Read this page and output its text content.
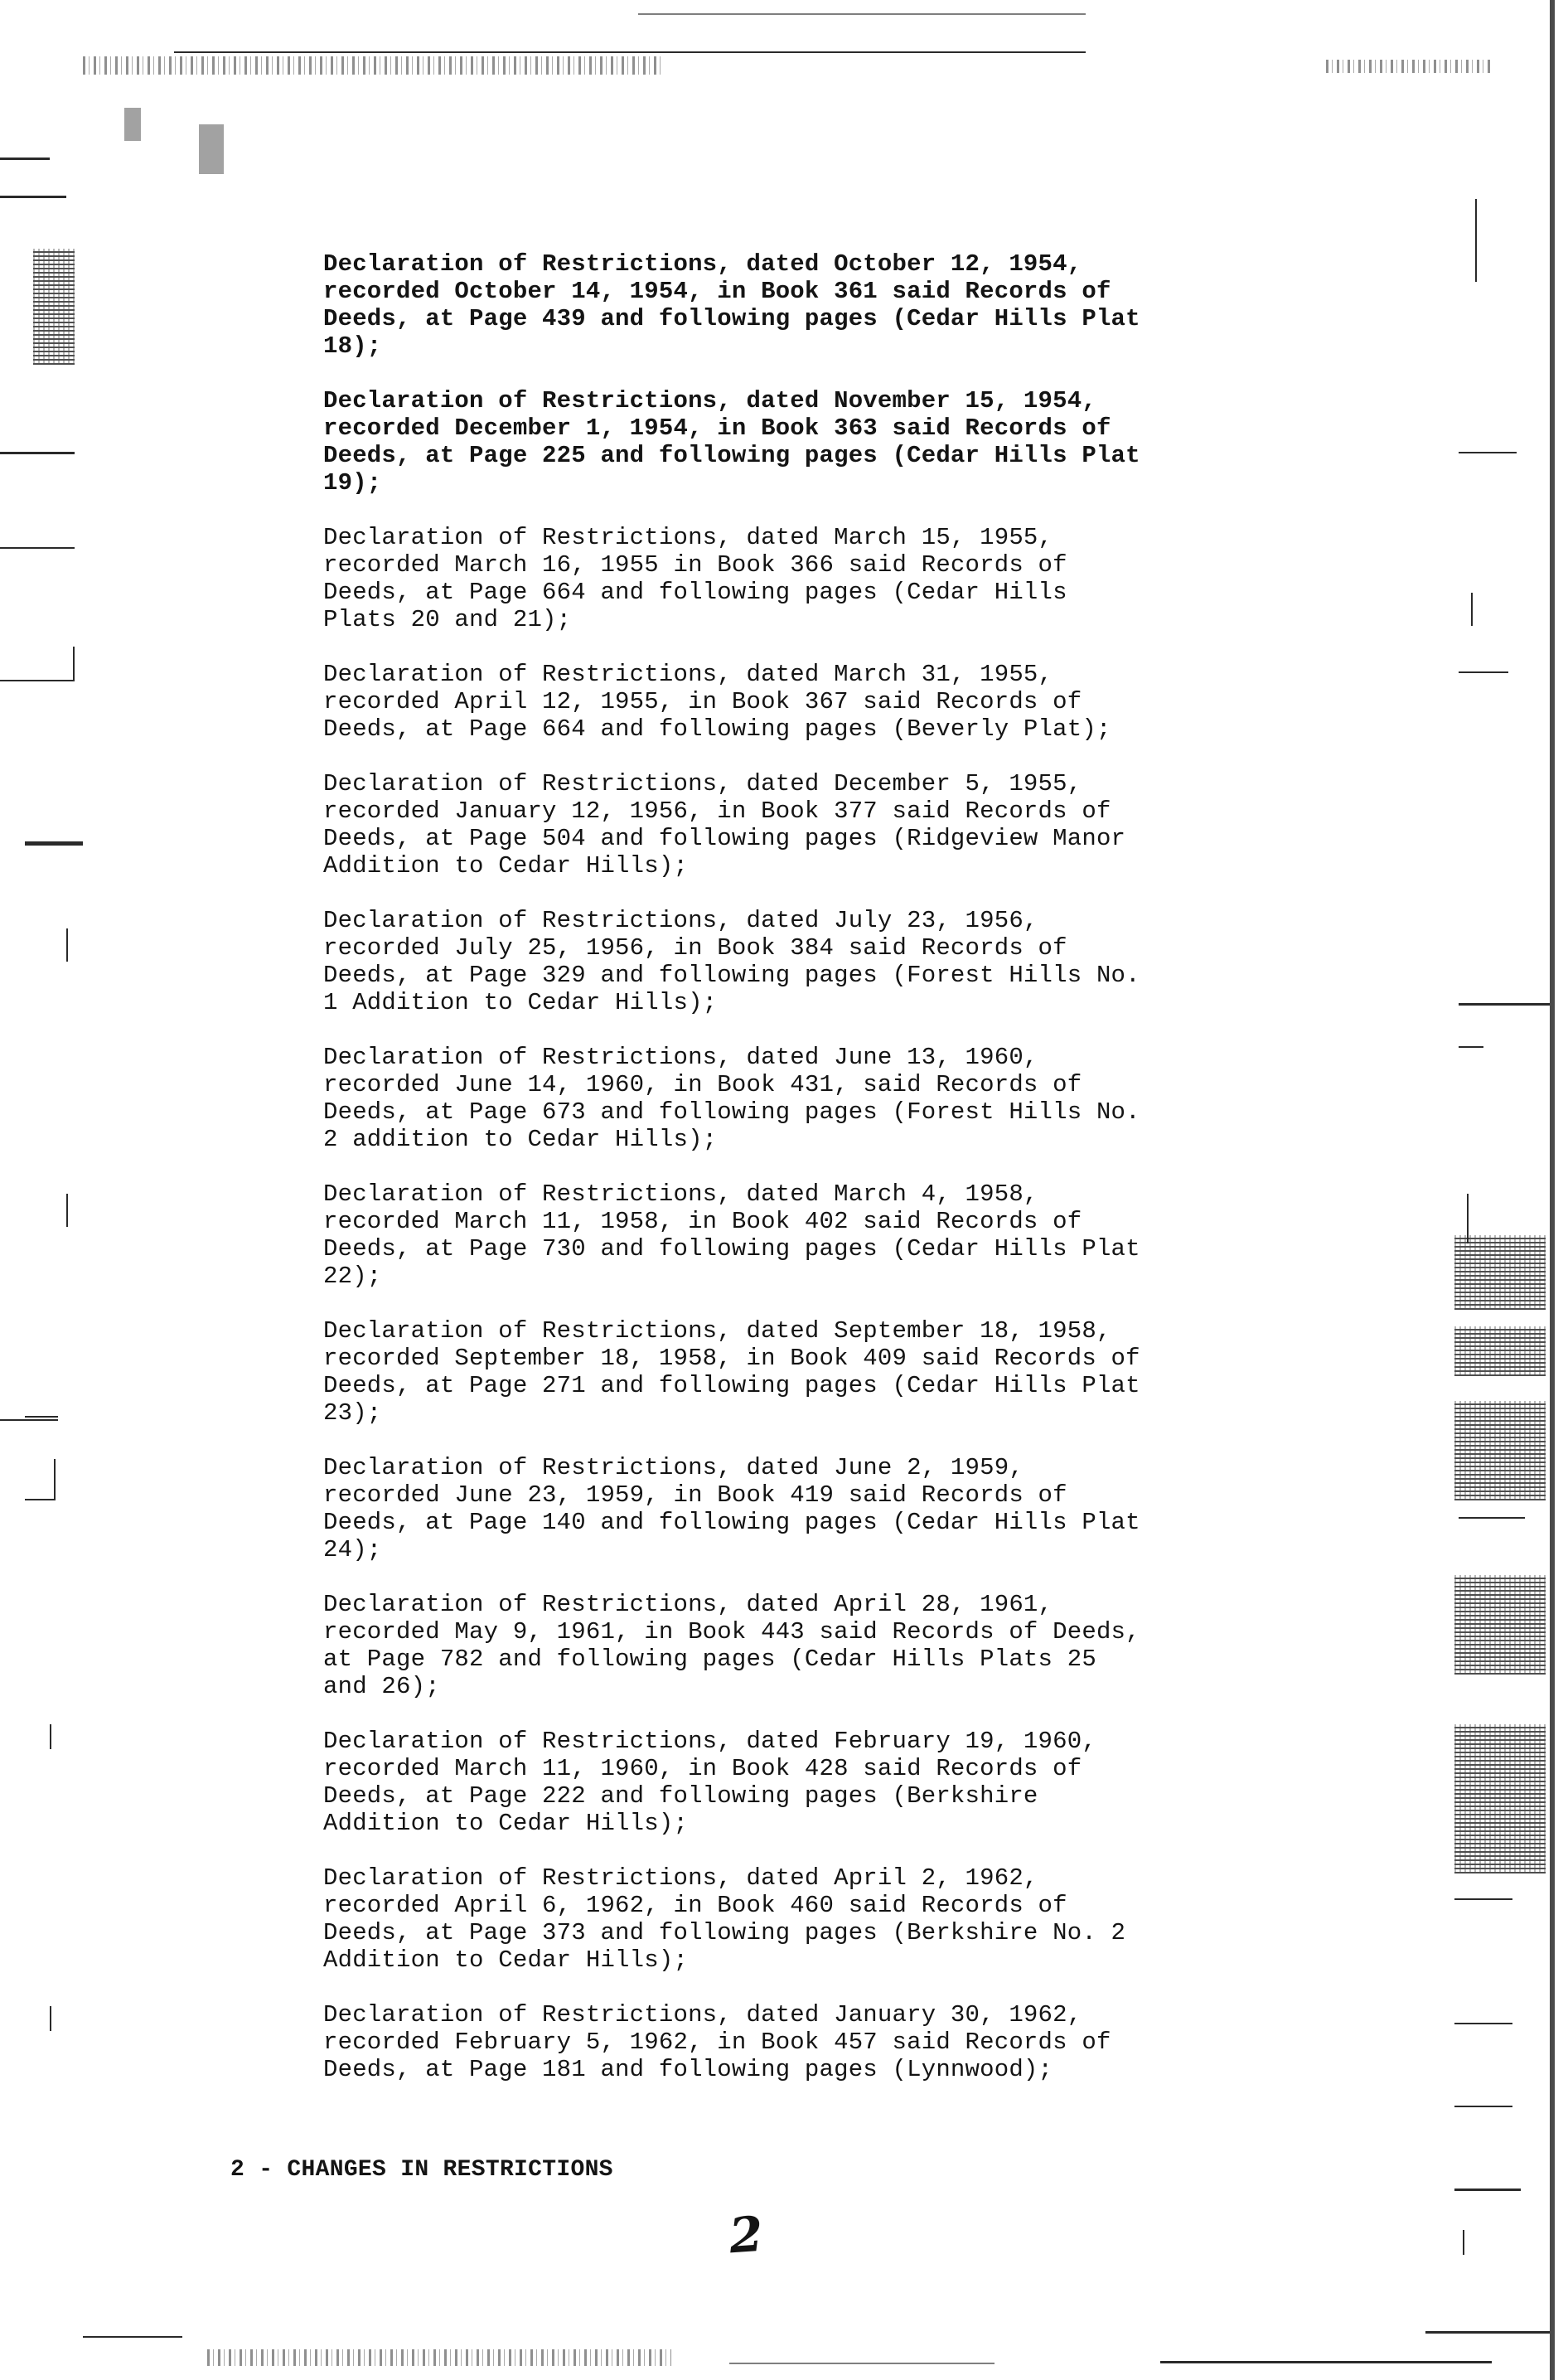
Declaration of Restrictions, dated October 12, 1954,
recorded October 14, 1954, in Book 361 said Records of
Deeds, at Page 439 and following pages (Cedar Hills Plat
18);
Declaration of Restrictions, dated November 15, 1954,
recorded December 1, 1954, in Book 363 said Records of
Deeds, at Page 225 and following pages (Cedar Hills Plat
19);
Declaration of Restrictions, dated March 15, 1955,
recorded March 16, 1955 in Book 366 said Records of
Deeds, at Page 664 and following pages (Cedar Hills
Plats 20 and 21);
Declaration of Restrictions, dated March 31, 1955,
recorded April 12, 1955, in Book 367 said Records of
Deeds, at Page 664 and following pages (Beverly Plat);
Declaration of Restrictions, dated December 5, 1955,
recorded January 12, 1956, in Book 377 said Records of
Deeds, at Page 504 and following pages (Ridgeview Manor
Addition to Cedar Hills);
Declaration of Restrictions, dated July 23, 1956,
recorded July 25, 1956, in Book 384 said Records of
Deeds, at Page 329 and following pages (Forest Hills No.
1 Addition to Cedar Hills);
Declaration of Restrictions, dated June 13, 1960,
recorded June 14, 1960, in Book 431, said Records of
Deeds, at Page 673 and following pages (Forest Hills No.
2 addition to Cedar Hills);
Declaration of Restrictions, dated March 4, 1958,
recorded March 11, 1958, in Book 402 said Records of
Deeds, at Page 730 and following pages (Cedar Hills Plat
22);
Declaration of Restrictions, dated September 18, 1958,
recorded September 18, 1958, in Book 409 said Records of
Deeds, at Page 271 and following pages (Cedar Hills Plat
23);
Declaration of Restrictions, dated June 2, 1959,
recorded June 23, 1959, in Book 419 said Records of
Deeds, at Page 140 and following pages (Cedar Hills Plat
24);
Declaration of Restrictions, dated April 28, 1961,
recorded May 9, 1961, in Book 443 said Records of Deeds,
at Page 782 and following pages (Cedar Hills Plats 25
and 26);
Declaration of Restrictions, dated February 19, 1960,
recorded March 11, 1960, in Book 428 said Records of
Deeds, at Page 222 and following pages (Berkshire
Addition to Cedar Hills);
Declaration of Restrictions, dated April 2, 1962,
recorded April 6, 1962, in Book 460 said Records of
Deeds, at Page 373 and following pages (Berkshire No. 2
Addition to Cedar Hills);
Declaration of Restrictions, dated January 30, 1962,
recorded February 5, 1962, in Book 457 said Records of
Deeds, at Page 181 and following pages (Lynnwood);
2 - CHANGES IN RESTRICTIONS
2
